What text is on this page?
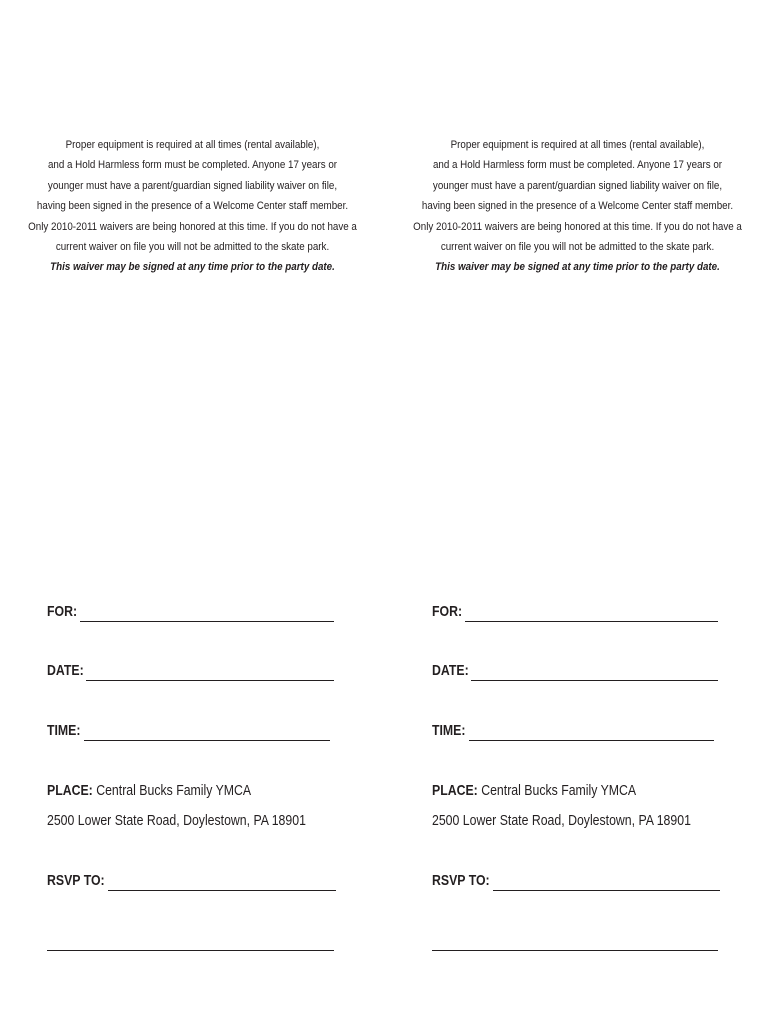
Proper equipment is required at all times (rental available),
and a Hold Harmless form must be completed. Anyone 17 years or
younger must have a parent/guardian signed liability waiver on file,
having been signed in the presence of a Welcome Center staff member.
Only 2010-2011 waivers are being honored at this time. If you do not have a
current waiver on file you will not be admitted to the skate park.
This waiver may be signed at any time prior to the party date.
FOR:
DATE:
TIME:
PLACE: Central Bucks Family YMCA
2500 Lower State Road, Doylestown, PA 18901
RSVP TO:
Proper equipment is required at all times (rental available),
and a Hold Harmless form must be completed. Anyone 17 years or
younger must have a parent/guardian signed liability waiver on file,
having been signed in the presence of a Welcome Center staff member.
Only 2010-2011 waivers are being honored at this time. If you do not have a
current waiver on file you will not be admitted to the skate park.
This waiver may be signed at any time prior to the party date.
FOR:
DATE:
TIME:
PLACE: Central Bucks Family YMCA
2500 Lower State Road, Doylestown, PA 18901
RSVP TO:
